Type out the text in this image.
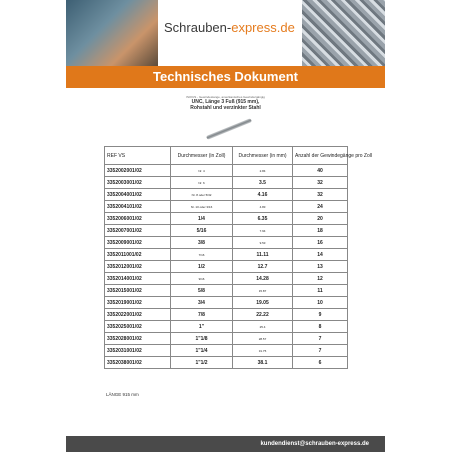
Schrauben-express.de
Technisches Dokument
ISO/US - Gewindestange, amerikanisches Gewinde/gängig
UNC, Länge 3 Fuß (915 mm),
Rohstahl und verzinkter Stahl
REF VS	Durchmesser (in Zoll)	Durchmesser (in mm)	Anzahl der Gewindegänge pro Zoll
3352002001/02	Nr. 4	2.84	40
3352003001/02	Nr. 6	3.5	32
3352004001/02	Nr. 8 oder 5/32	4.16	32
3352004101/02	Nr. 10 oder 3/16	4.83	24
3352006001/02	1/4	6.35	20
3352007001/02	5/16	7.94	18
3352009001/02	3/8	9.53	16
3352011001/02	7/16	11.11	14
3352012001/02	1/2	12.7	13
3352014001/02	9/16	14.28	12
3352015001/02	5/8	15.87	11
3352019001/02	3/4	19.05	10
3352022001/02	7/8	22.22	9
3352025001/02	1"	25.4	8
3352028001/02	1"1/8	28.57	7
3352031001/02	1"1/4	31.75	7
3352038001/02	1"1/2	38.1	6
LÄNGE 915 mm
kundendienst@schrauben-express.de
